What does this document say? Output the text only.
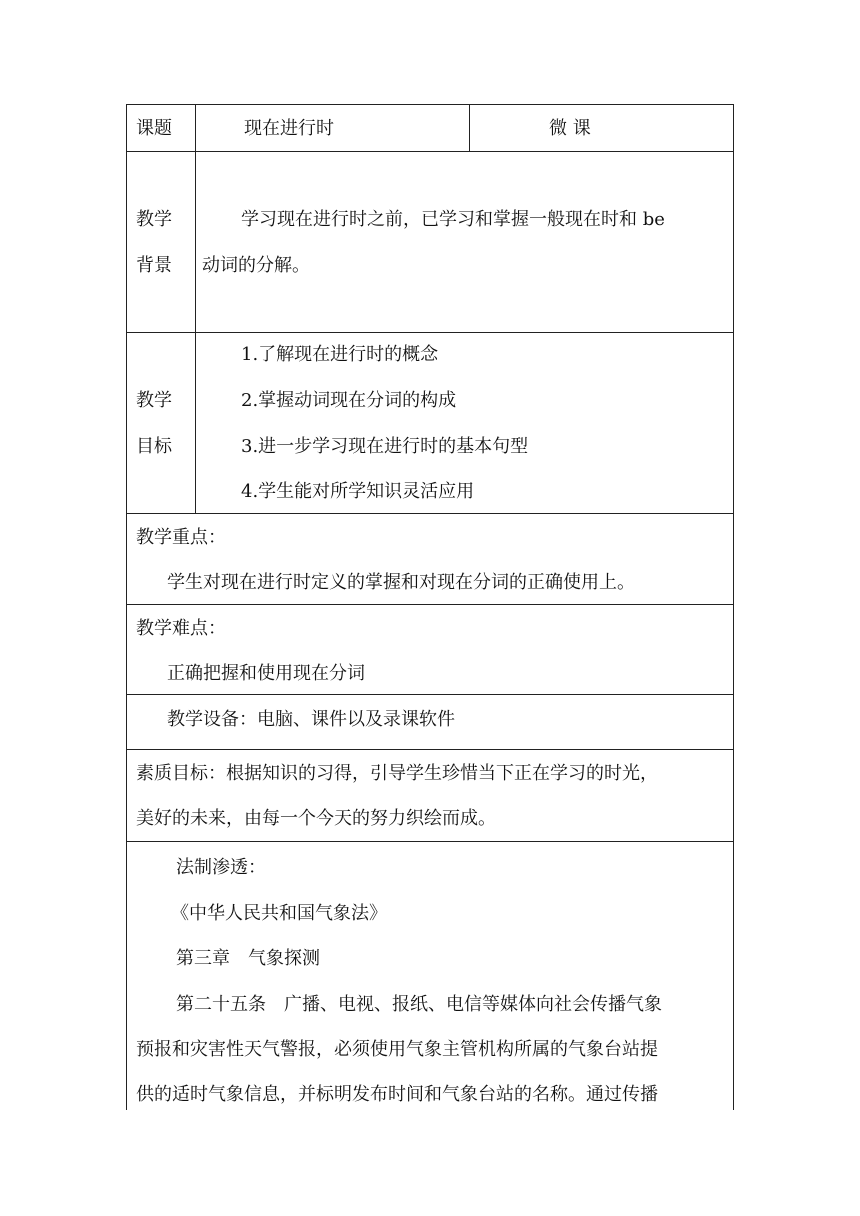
课题	现在进行时	微 课
教学
背景
学习现在进行时之前，已学习和掌握一般现在时和 be
动词的分解。
教学
目标
1.了解现在进行时的概念
2.掌握动词现在分词的构成
3.进一步学习现在进行时的基本句型
4.学生能对所学知识灵活应用
教学重点：
学生对现在进行时定义的掌握和对现在分词的正确使用上。
教学难点：
正确把握和使用现在分词
教学设备：电脑、课件以及录课软件
素质目标：根据知识的习得，引导学生珍惜当下正在学习的时光，
美好的未来，由每一个今天的努力织绘而成。
法制渗透：
《中华人民共和国气象法》
第三章　气象探测
第二十五条　广播、电视、报纸、电信等媒体向社会传播气象
预报和灾害性天气警报，必须使用气象主管机构所属的气象台站提
供的适时气象信息，并标明发布时间和气象台站的名称。通过传播
